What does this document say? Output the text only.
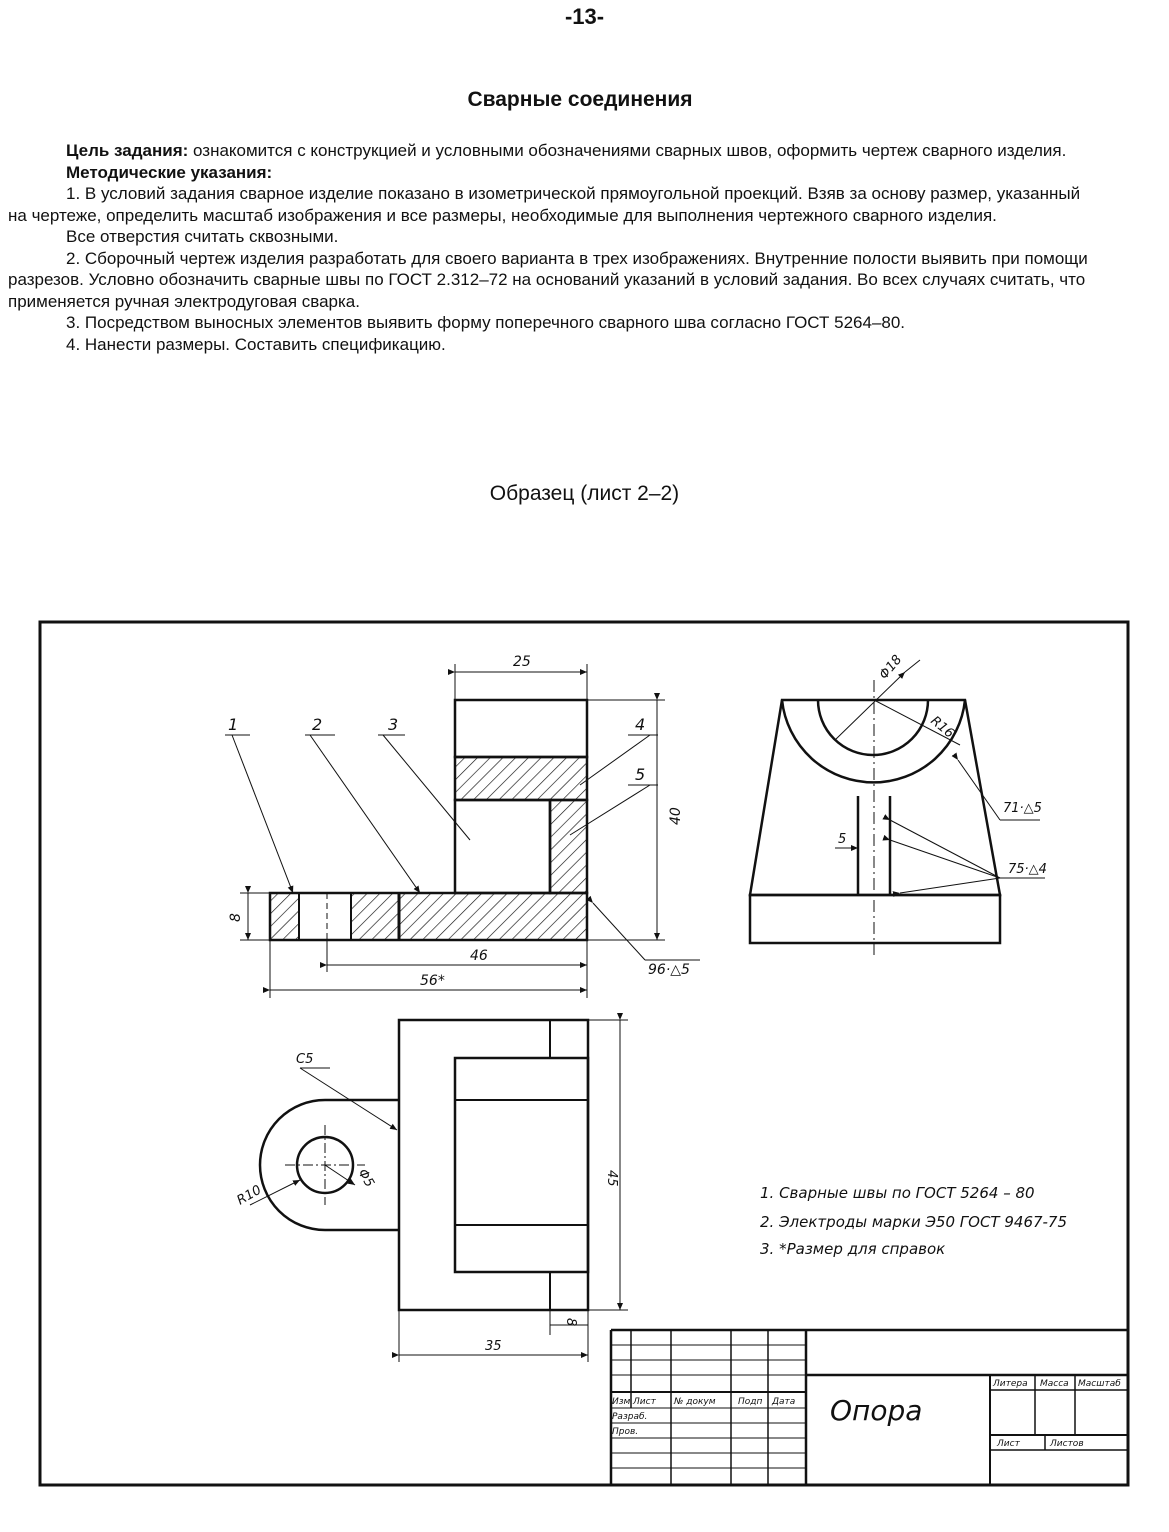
-13-
Сварные соединения

Цель задания: ознакомится с конструкцией и условными обозначениями сварных швов, оформить чертеж сварного изделия.

Методические указания:

1. В условий задания сварное изделие показано в изометрической прямоугольной проекций. Взяв за основу размер, указанный на чертеже, определить масштаб изображения и все размеры, необходимые для выполнения чертежного сварного изделия.

Все отверстия считать сквозными.

2. Сборочный чертеж изделия разработать для своего варианта в трех изображениях. Внутренние полости выявить при помощи разрезов. Условно обозначить сварные швы по ГОСТ 2.312–72 на оснований указаний в условий задания. Во всех случаях считать, что применяется ручная электродуговая сварка.

3. Посредством выносных элементов выявить форму поперечного сварного шва согласно ГОСТ 5264–80.

4. Нанести размеры. Составить спецификацию.

Образец (лист 2–2)
25
40
8
46
56*
96·△5
1	2	3	4
5
Φ18
R16
71·△5
5
75·△4
45
8
35
C5
R10
Φ5
1. Сварные швы по ГОСТ 5264 – 80
2. Электроды марки Э50 ГОСТ 9467-75
3. *Размер для справок
Изм Лист № докум Подп Дата
Разраб.
Пров.
Литера Масса Масштаб
Лист	Листов
Опора
